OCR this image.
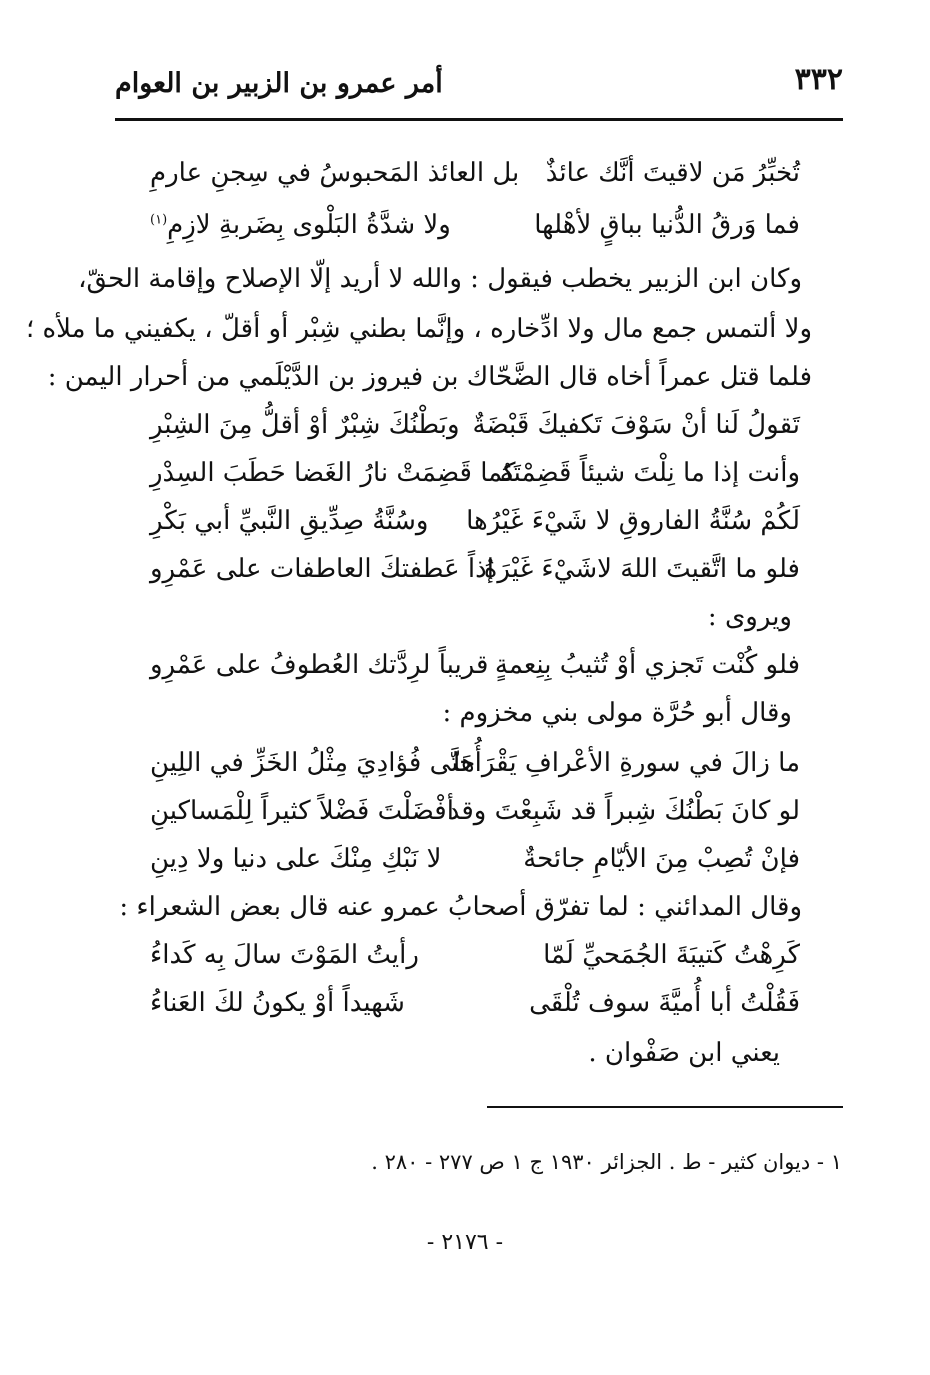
٣٣٢
أمر عمرو بن الزبير بن العوام
تُخبِّرُ مَن لاقيتَ أنَّك عائذٌ
بل العائذ المَحبوسُ في سِجنِ عارمِ
فما وَرقُ الدُّنيا بباقٍ لأهْلها
ولا شدَّةُ البَلْوى بِضَربةِ لازِمِ$^{(١)}$
وكان ابن الزبير يخطب فيقول : والله لا أريد إلّا الإصلاح وإقامة الحقّ،
ولا ألتمس جمع مال ولا ادِّخاره ، وإنَّما بطني شِبْر أو أقلّ ، يكفيني ما ملأه ؛
فلما قتل عمراً أخاه قال الضَّحّاك بن فيروز بن الدَّيْلَمي من أحرار اليمن :
تَقولُ لَنا أنْ سَوْفَ تَكفيكَ قَبْضَةٌ
وبَطْنُكَ شِبْرٌ أوْ أقلُّ مِنَ الشِبْرِ
وأنت إذا ما نِلْتَ شيئاً قَضِمْتَهُ
كما قَضِمَتْ نارُ الغَضا حَطَبَ السِدْرِ
لَكُمْ سُنَّةُ الفاروقِ لا شَيْءَ غَيْرُها
وسُنَّةُ صِدِّيقِ النَّبيِّ أبي بَكْرِ
فلو ما اتَّقيتَ اللهَ لاشَيْءَ غَيْرَهُ
إذاً عَطفتكَ العاطفات على عَمْرِو
ويروى :
فلو كُنْت تَجزي أوْ تُثيبُ بِنِعمةٍ
قريباً لرِدَّتك العُطوفُ على عَمْرِو
وقال أبو حُرَّة مولى بني مخزوم :
ما زالَ في سورةِ الأعْرافِ يَقْرَأُها
حَتَّى فُؤادِيَ مِثْلُ الخَزِّ في اللِينِ
لو كانَ بَطْنُكَ شِبراً قد شَبِعْتَ وقد
أفْضَلْتَ فَضْلاً كثيراً لِلْمَساكينِ
فإنْ تُصِبْ مِنَ الأيّامِ جائحةٌ
لا نَبْكِ مِنْكَ على دنيا ولا دِينِ
وقال المدائني : لما تفرّق أصحابُ عمرو عنه قال بعض الشعراء :
كَرِهْتُ كَتيبَةَ الجُمَحيِّ لَمّا
رأيتُ المَوْتَ سالَ بِه كَداءُ
فَقُلْتُ أبا أُميَّةَ سوف تُلْقَى
شَهيداً أوْ يكونُ لكَ العَناءُ
يعني ابن صَفْوان .
١ - ديوان كثير - ط . الجزائر ١٩٣٠ ج ١ ص ٢٧٧ - ٢٨٠ .
- ٢١٧٦ -
